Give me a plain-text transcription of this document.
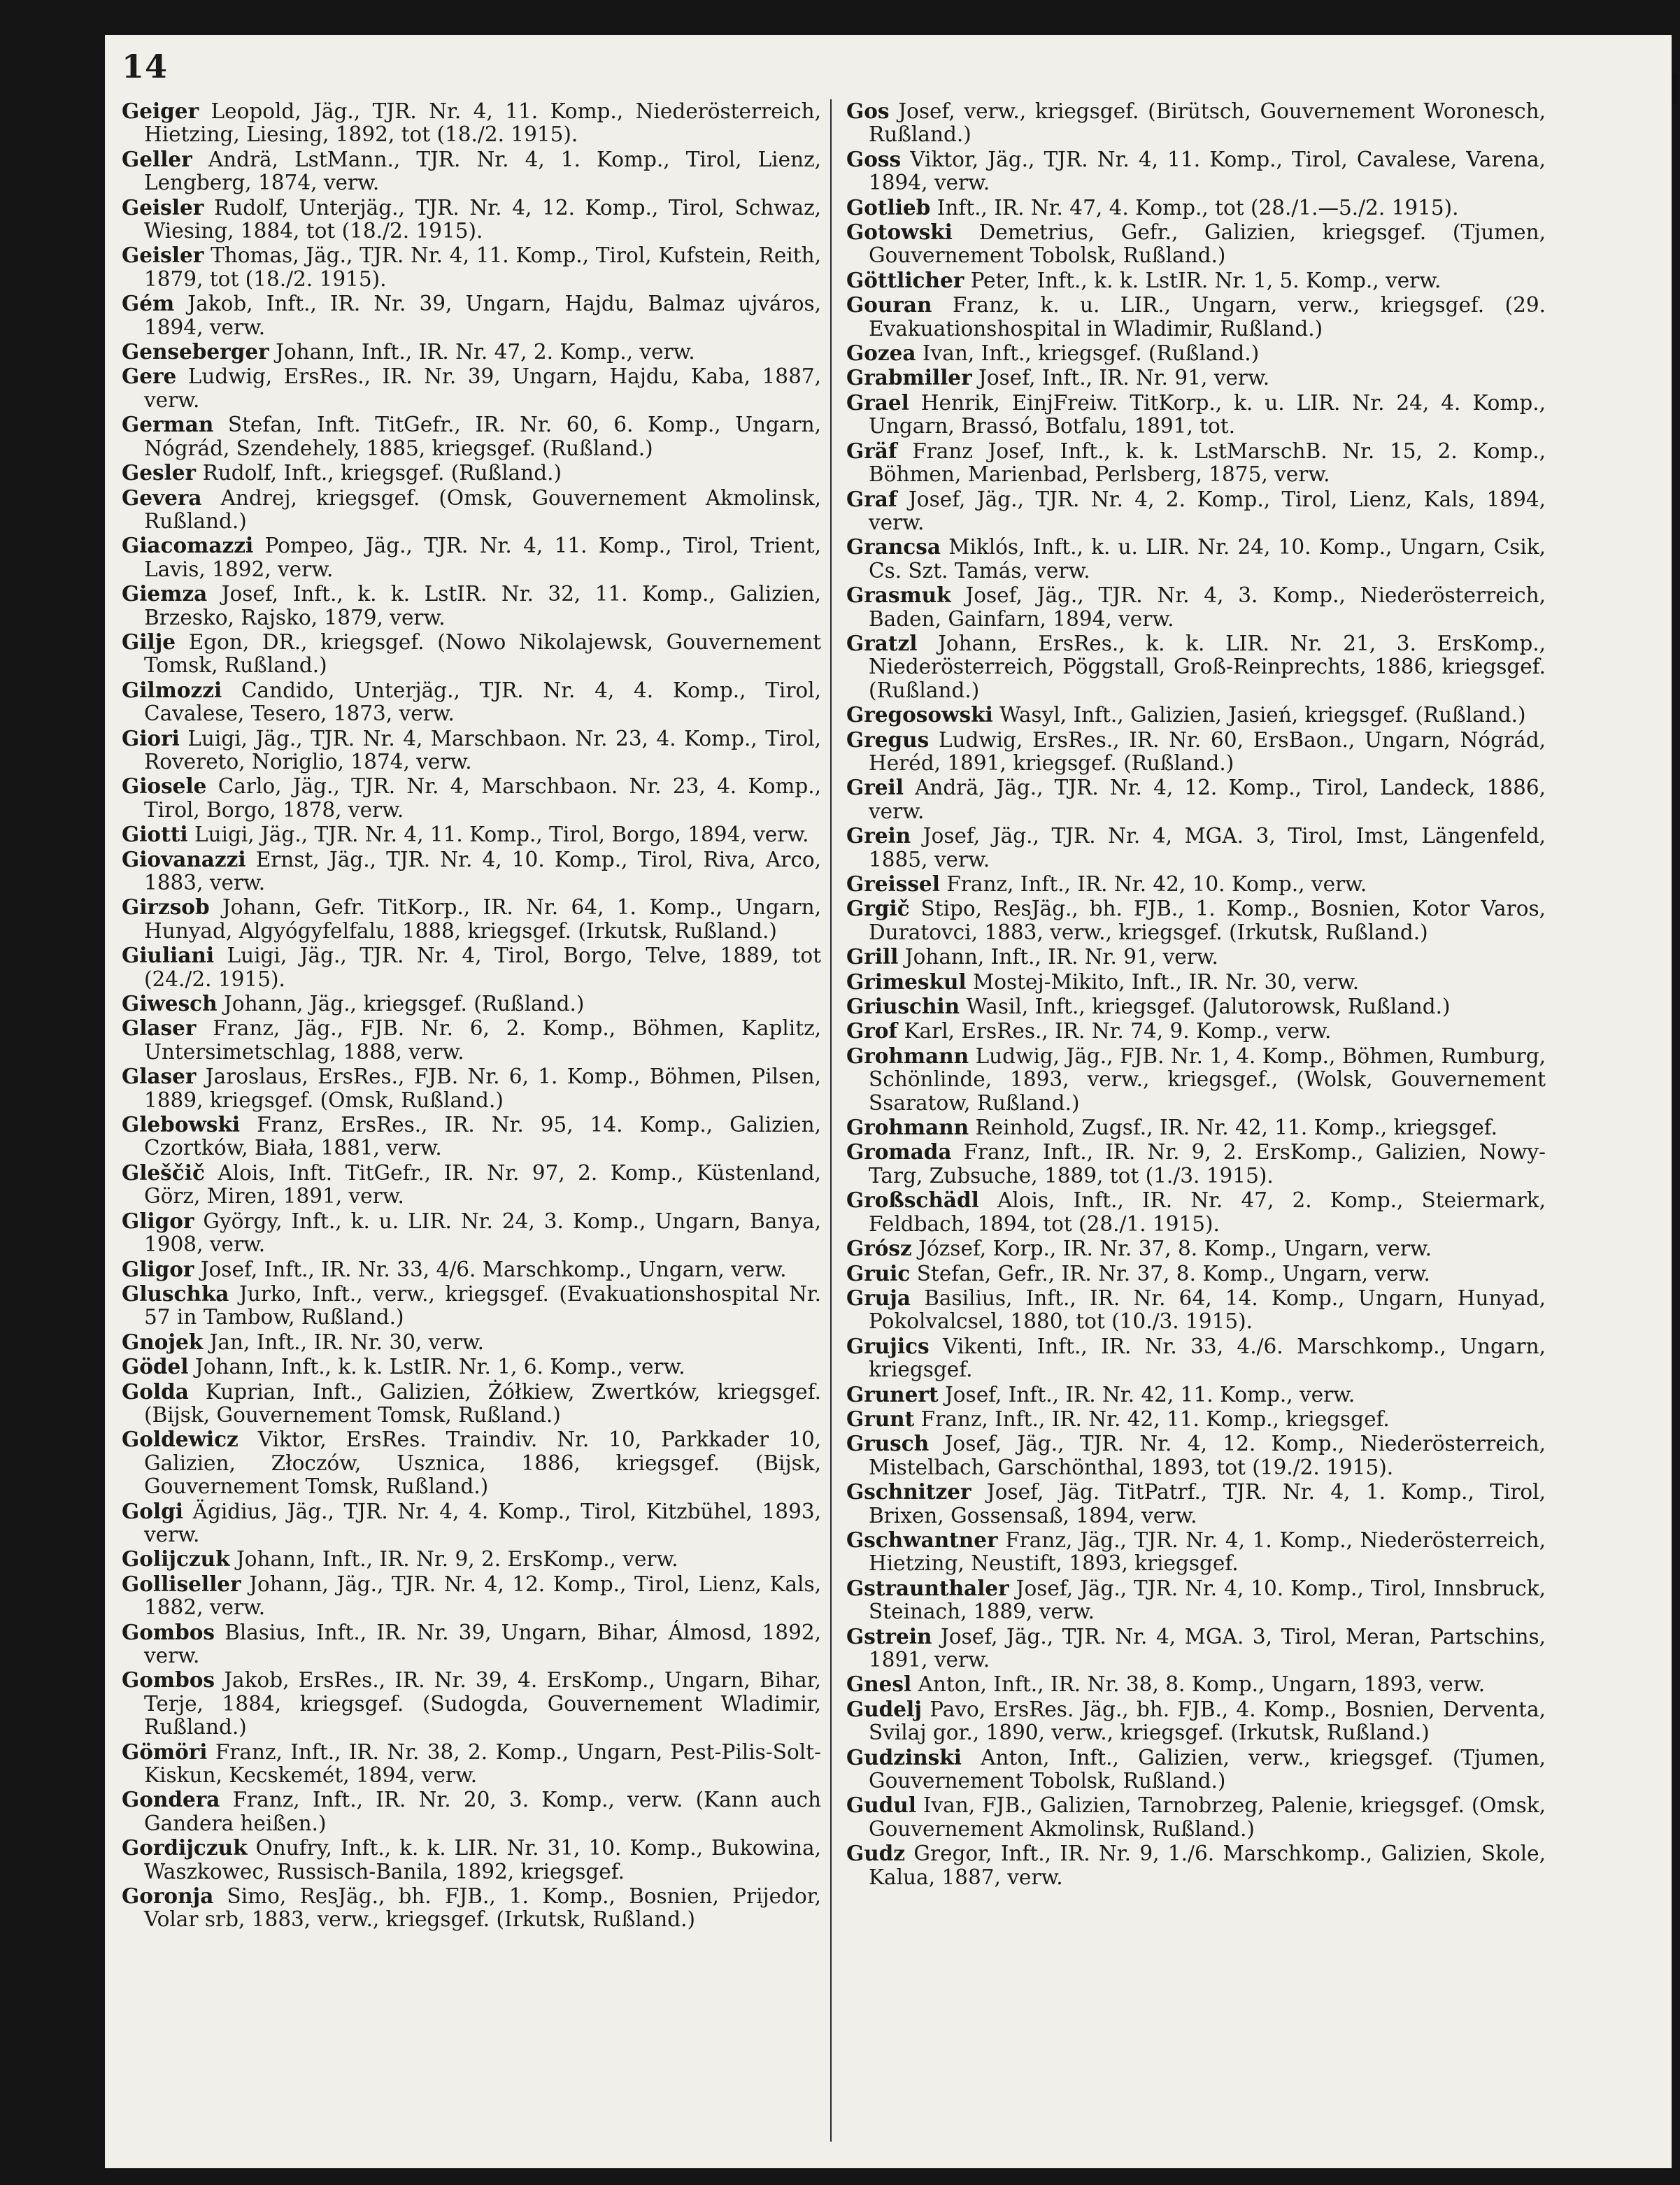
14

Geiger Leopold, Jäg., TJR. Nr. 4, 11. Komp., Niederösterreich, Hietzing, Liesing, 1892, tot (18./2. 1915).

Geller Andrä, LstMann., TJR. Nr. 4, 1. Komp., Tirol, Lienz, Lengberg, 1874, verw.

Geisler Rudolf, Unterjäg., TJR. Nr. 4, 12. Komp., Tirol, Schwaz, Wiesing, 1884, tot (18./2. 1915).

Geisler Thomas, Jäg., TJR. Nr. 4, 11. Komp., Tirol, Kufstein, Reith, 1879, tot (18./2. 1915).

Gém Jakob, Inft., IR. Nr. 39, Ungarn, Hajdu, Balmaz ujváros, 1894, verw.

Genseberger Johann, Inft., IR. Nr. 47, 2. Komp., verw.

Gere Ludwig, ErsRes., IR. Nr. 39, Ungarn, Hajdu, Kaba, 1887, verw.

German Stefan, Inft. TitGefr., IR. Nr. 60, 6. Komp., Ungarn, Nógrád, Szendehely, 1885, kriegsgef. (Rußland.)

Gesler Rudolf, Inft., kriegsgef. (Rußland.)

Gevera Andrej, kriegsgef. (Omsk, Gouvernement Akmolinsk, Rußland.)

Giacomazzi Pompeo, Jäg., TJR. Nr. 4, 11. Komp., Tirol, Trient, Lavis, 1892, verw.

Giemza Josef, Inft., k. k. LstIR. Nr. 32, 11. Komp., Galizien, Brzesko, Rajsko, 1879, verw.

Gilje Egon, DR., kriegsgef. (Nowo Nikolajewsk, Gouvernement Tomsk, Rußland.)

Gilmozzi Candido, Unterjäg., TJR. Nr. 4, 4. Komp., Tirol, Cavalese, Tesero, 1873, verw.

Giori Luigi, Jäg., TJR. Nr. 4, Marschbaon. Nr. 23, 4. Komp., Tirol, Rovereto, Noriglio, 1874, verw.

Giosele Carlo, Jäg., TJR. Nr. 4, Marschbaon. Nr. 23, 4. Komp., Tirol, Borgo, 1878, verw.

Giotti Luigi, Jäg., TJR. Nr. 4, 11. Komp., Tirol, Borgo, 1894, verw.

Giovanazzi Ernst, Jäg., TJR. Nr. 4, 10. Komp., Tirol, Riva, Arco, 1883, verw.

Girzsob Johann, Gefr. TitKorp., IR. Nr. 64, 1. Komp., Ungarn, Hunyad, Algyógyfelfalu, 1888, kriegsgef. (Irkutsk, Rußland.)

Giuliani Luigi, Jäg., TJR. Nr. 4, Tirol, Borgo, Telve, 1889, tot (24./2. 1915).

Giwesch Johann, Jäg., kriegsgef. (Rußland.)

Glaser Franz, Jäg., FJB. Nr. 6, 2. Komp., Böhmen, Kaplitz, Untersimetschlag, 1888, verw.

Glaser Jaroslaus, ErsRes., FJB. Nr. 6, 1. Komp., Böhmen, Pilsen, 1889, kriegsgef. (Omsk, Rußland.)

Glebowski Franz, ErsRes., IR. Nr. 95, 14. Komp., Galizien, Czortków, Biała, 1881, verw.

Gleščič Alois, Inft. TitGefr., IR. Nr. 97, 2. Komp., Küstenland, Görz, Miren, 1891, verw.

Gligor György, Inft., k. u. LIR. Nr. 24, 3. Komp., Ungarn, Banya, 1908, verw.

Gligor Josef, Inft., IR. Nr. 33, 4/6. Marschkomp., Ungarn, verw.

Gluschka Jurko, Inft., verw., kriegsgef. (Evakuationshospital Nr. 57 in Tambow, Rußland.)

Gnojek Jan, Inft., IR. Nr. 30, verw.

Gödel Johann, Inft., k. k. LstIR. Nr. 1, 6. Komp., verw.

Golda Kuprian, Inft., Galizien, Żółkiew, Zwertków, kriegsgef. (Bijsk, Gouvernement Tomsk, Rußland.)

Goldewicz Viktor, ErsRes. Traindiv. Nr. 10, Parkkader 10, Galizien, Złoczów, Usznica, 1886, kriegsgef. (Bijsk, Gouvernement Tomsk, Rußland.)

Golgi Ägidius, Jäg., TJR. Nr. 4, 4. Komp., Tirol, Kitzbühel, 1893, verw.

Golijczuk Johann, Inft., IR. Nr. 9, 2. ErsKomp., verw.

Golliseller Johann, Jäg., TJR. Nr. 4, 12. Komp., Tirol, Lienz, Kals, 1882, verw.

Gombos Blasius, Inft., IR. Nr. 39, Ungarn, Bihar, Álmosd, 1892, verw.

Gombos Jakob, ErsRes., IR. Nr. 39, 4. ErsKomp., Ungarn, Bihar, Terje, 1884, kriegsgef. (Sudogda, Gouvernement Wladimir, Rußland.)

Gömöri Franz, Inft., IR. Nr. 38, 2. Komp., Ungarn, Pest-Pilis-Solt-Kiskun, Kecskemét, 1894, verw.

Gondera Franz, Inft., IR. Nr. 20, 3. Komp., verw. (Kann auch Gandera heißen.)

Gordijczuk Onufry, Inft., k. k. LIR. Nr. 31, 10. Komp., Bukowina, Waszkowec, Russisch-Banila, 1892, kriegsgef.

Goronja Simo, ResJäg., bh. FJB., 1. Komp., Bosnien, Prijedor, Volar srb, 1883, verw., kriegsgef. (Irkutsk, Rußland.)

Gos Josef, verw., kriegsgef. (Birütsch, Gouvernement Woronesch, Rußland.)

Goss Viktor, Jäg., TJR. Nr. 4, 11. Komp., Tirol, Cavalese, Varena, 1894, verw.

Gotlieb Inft., IR. Nr. 47, 4. Komp., tot (28./1.—5./2. 1915).

Gotowski Demetrius, Gefr., Galizien, kriegsgef. (Tjumen, Gouvernement Tobolsk, Rußland.)

Göttlicher Peter, Inft., k. k. LstIR. Nr. 1, 5. Komp., verw.

Gouran Franz, k. u. LIR., Ungarn, verw., kriegsgef. (29. Evakuationshospital in Wladimir, Rußland.)

Gozea Ivan, Inft., kriegsgef. (Rußland.)

Grabmiller Josef, Inft., IR. Nr. 91, verw.

Grael Henrik, EinjFreiw. TitKorp., k. u. LIR. Nr. 24, 4. Komp., Ungarn, Brassó, Botfalu, 1891, tot.

Gräf Franz Josef, Inft., k. k. LstMarschB. Nr. 15, 2. Komp., Böhmen, Marienbad, Perlsberg, 1875, verw.

Graf Josef, Jäg., TJR. Nr. 4, 2. Komp., Tirol, Lienz, Kals, 1894, verw.

Grancsa Miklós, Inft., k. u. LIR. Nr. 24, 10. Komp., Ungarn, Csik, Cs. Szt. Tamás, verw.

Grasmuk Josef, Jäg., TJR. Nr. 4, 3. Komp., Niederösterreich, Baden, Gainfarn, 1894, verw.

Gratzl Johann, ErsRes., k. k. LIR. Nr. 21, 3. ErsKomp., Niederösterreich, Pöggstall, Groß-Reinprechts, 1886, kriegsgef. (Rußland.)

Gregosowski Wasyl, Inft., Galizien, Jasień, kriegsgef. (Rußland.)

Gregus Ludwig, ErsRes., IR. Nr. 60, ErsBaon., Ungarn, Nógrád, Heréd, 1891, kriegsgef. (Rußland.)

Greil Andrä, Jäg., TJR. Nr. 4, 12. Komp., Tirol, Landeck, 1886, verw.

Grein Josef, Jäg., TJR. Nr. 4, MGA. 3, Tirol, Imst, Längenfeld, 1885, verw.

Greissel Franz, Inft., IR. Nr. 42, 10. Komp., verw.

Grgič Stipo, ResJäg., bh. FJB., 1. Komp., Bosnien, Kotor Varos, Duratovci, 1883, verw., kriegsgef. (Irkutsk, Rußland.)

Grill Johann, Inft., IR. Nr. 91, verw.

Grimeskul Mostej-Mikito, Inft., IR. Nr. 30, verw.

Griuschin Wasil, Inft., kriegsgef. (Jalutorowsk, Rußland.)

Grof Karl, ErsRes., IR. Nr. 74, 9. Komp., verw.

Grohmann Ludwig, Jäg., FJB. Nr. 1, 4. Komp., Böhmen, Rumburg, Schönlinde, 1893, verw., kriegsgef., (Wolsk, Gouvernement Ssaratow, Rußland.)

Grohmann Reinhold, Zugsf., IR. Nr. 42, 11. Komp., kriegsgef.

Gromada Franz, Inft., IR. Nr. 9, 2. ErsKomp., Galizien, Nowy-Targ, Zubsuche, 1889, tot (1./3. 1915).

Großschädl Alois, Inft., IR. Nr. 47, 2. Komp., Steiermark, Feldbach, 1894, tot (28./1. 1915).

Grósz József, Korp., IR. Nr. 37, 8. Komp., Ungarn, verw.

Gruic Stefan, Gefr., IR. Nr. 37, 8. Komp., Ungarn, verw.

Gruja Basilius, Inft., IR. Nr. 64, 14. Komp., Ungarn, Hunyad, Pokolvalcsel, 1880, tot (10./3. 1915).

Grujics Vikenti, Inft., IR. Nr. 33, 4./6. Marschkomp., Ungarn, kriegsgef.

Grunert Josef, Inft., IR. Nr. 42, 11. Komp., verw.

Grunt Franz, Inft., IR. Nr. 42, 11. Komp., kriegsgef.

Grusch Josef, Jäg., TJR. Nr. 4, 12. Komp., Niederösterreich, Mistelbach, Garschönthal, 1893, tot (19./2. 1915).

Gschnitzer Josef, Jäg. TitPatrf., TJR. Nr. 4, 1. Komp., Tirol, Brixen, Gossensaß, 1894, verw.

Gschwantner Franz, Jäg., TJR. Nr. 4, 1. Komp., Niederösterreich, Hietzing, Neustift, 1893, kriegsgef.

Gstraunthaler Josef, Jäg., TJR. Nr. 4, 10. Komp., Tirol, Innsbruck, Steinach, 1889, verw.

Gstrein Josef, Jäg., TJR. Nr. 4, MGA. 3, Tirol, Meran, Partschins, 1891, verw.

Gnesl Anton, Inft., IR. Nr. 38, 8. Komp., Ungarn, 1893, verw.

Gudelj Pavo, ErsRes. Jäg., bh. FJB., 4. Komp., Bosnien, Derventa, Svilaj gor., 1890, verw., kriegsgef. (Irkutsk, Rußland.)

Gudzinski Anton, Inft., Galizien, verw., kriegsgef. (Tjumen, Gouvernement Tobolsk, Rußland.)

Gudul Ivan, FJB., Galizien, Tarnobrzeg, Palenie, kriegsgef. (Omsk, Gouvernement Akmolinsk, Rußland.)

Gudz Gregor, Inft., IR. Nr. 9, 1./6. Marschkomp., Galizien, Skole, Kalua, 1887, verw.
